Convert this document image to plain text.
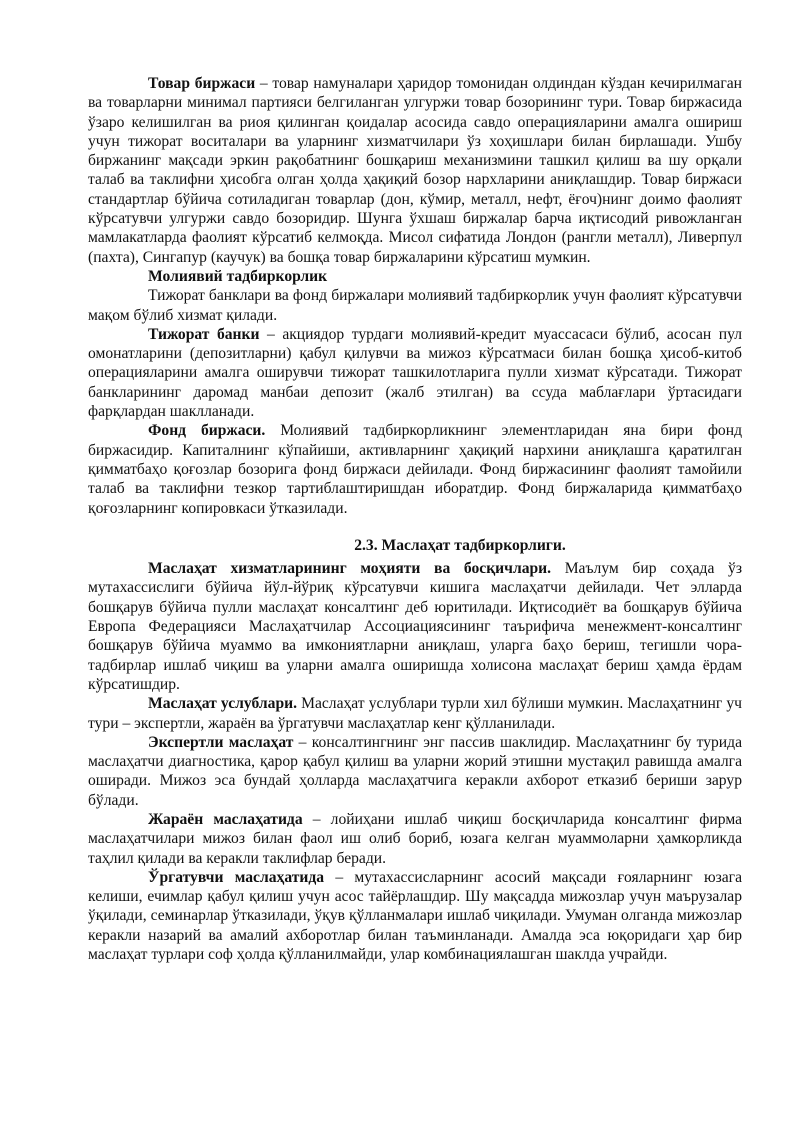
Товар биржаси – товар намуналари ҳаридор томонидан олдиндан кўздан кечирилмаган ва товарларни минимал партияси белгиланган улгуржи товар бозорининг тури. Товар биржасида ўзаро келишилган ва риоя қилинган қоидалар асосида савдо операцияларини амалга ошириш учун тижорат воситалари ва уларнинг хизматчилари ўз хоҳишлари билан бирлашади. Ушбу биржанинг мақсади эркин рақобатнинг бошқариш механизмини ташкил қилиш ва шу орқали талаб ва таклифни ҳисобга олган ҳолда ҳақиқий бозор нархларини аниқлашдир. Товар биржаси стандартлар бўйича сотиладиган товарлар (дон, кўмир, металл, нефт, ёғоч)нинг доимо фаолият кўрсатувчи улгуржи савдо бозоридир. Шунга ўхшаш биржалар барча иқтисодий ривожланган мамлакатларда фаолият кўрсатиб келмоқда. Мисол сифатида Лондон (рангли металл), Ливерпул (пахта), Сингапур (каучук) ва бошқа товар биржаларини кўрсатиш мумкин.

Молиявий тадбиркорлик

Тижорат банклари ва фонд биржалари молиявий тадбиркорлик учун фаолият кўрсатувчи мақом бўлиб хизмат қилади.

Тижорат банки – акциядор турдаги молиявий-кредит муассасаси бўлиб, асосан пул омонатларини (депозитларни) қабул қилувчи ва мижоз кўрсатмаси билан бошқа ҳисоб-китоб операцияларини амалга оширувчи тижорат ташкилотларига пулли хизмат кўрсатади. Тижорат банкларининг даромад манбаи депозит (жалб этилган) ва ссуда маблағлари ўртасидаги фарқлардан шаклланади.

Фонд биржаси. Молиявий тадбиркорликнинг элементларидан яна бири фонд биржасидир. Капиталнинг кўпайиши, активларнинг ҳақиқий нархини аниқлашга қаратилган қимматбаҳо қоғозлар бозорига фонд биржаси дейилади. Фонд биржасининг фаолият тамойили талаб ва таклифни тезкор тартиблаштиришдан иборатдир. Фонд биржаларида қимматбаҳо қоғозларнинг копировкаси ўтказилади.

2.3. Маслаҳат тадбиркорлиги.

Маслаҳат хизматларининг моҳияти ва босқичлари. Маълум бир соҳада ўз мутахассислиги бўйича йўл-йўриқ кўрсатувчи кишига маслаҳатчи дейилади. Чет элларда бошқарув бўйича пулли маслаҳат консалтинг деб юритилади. Иқтисодиёт ва бошқарув бўйича Европа Федерацияси Маслаҳатчилар Ассоциациясининг таърифича менежмент-консалтинг бошқарув бўйича муаммо ва имкониятларни аниқлаш, уларга баҳо бериш, тегишли чора-тадбирлар ишлаб чиқиш ва уларни амалга оширишда холисона маслаҳат бериш ҳамда ёрдам кўрсатишдир.

Маслаҳат услублари. Маслаҳат услублари турли хил бўлиши мумкин. Маслаҳатнинг уч тури – экспертли, жараён ва ўргатувчи маслаҳатлар кенг қўлланилади.

Экспертли маслаҳат – консалтингнинг энг пассив шаклидир. Маслаҳатнинг бу турида маслаҳатчи диагностика, қарор қабул қилиш ва уларни жорий этишни мустақил равишда амалга оширади. Мижоз эса бундай ҳолларда маслаҳатчига керакли ахборот етказиб бериши зарур бўлади.

Жараён маслаҳатида – лойиҳани ишлаб чиқиш босқичларида консалтинг фирма маслаҳатчилари мижоз билан фаол иш олиб бориб, юзага келган муаммоларни ҳамкорликда таҳлил қилади ва керакли таклифлар беради.

Ўргатувчи маслаҳатида – мутахассисларнинг асосий мақсади ғояларнинг юзага келиши, ечимлар қабул қилиш учун асос тайёрлашдир. Шу мақсадда мижозлар учун маърузалар ўқилади, семинарлар ўтказилади, ўқув қўлланмалари ишлаб чиқилади. Умуман олганда мижозлар керакли назарий ва амалий ахборотлар билан таъминланади. Амалда эса юқоридаги ҳар бир маслаҳат турлари соф ҳолда қўлланилмайди, улар комбинациялашган шаклда учрайди.
